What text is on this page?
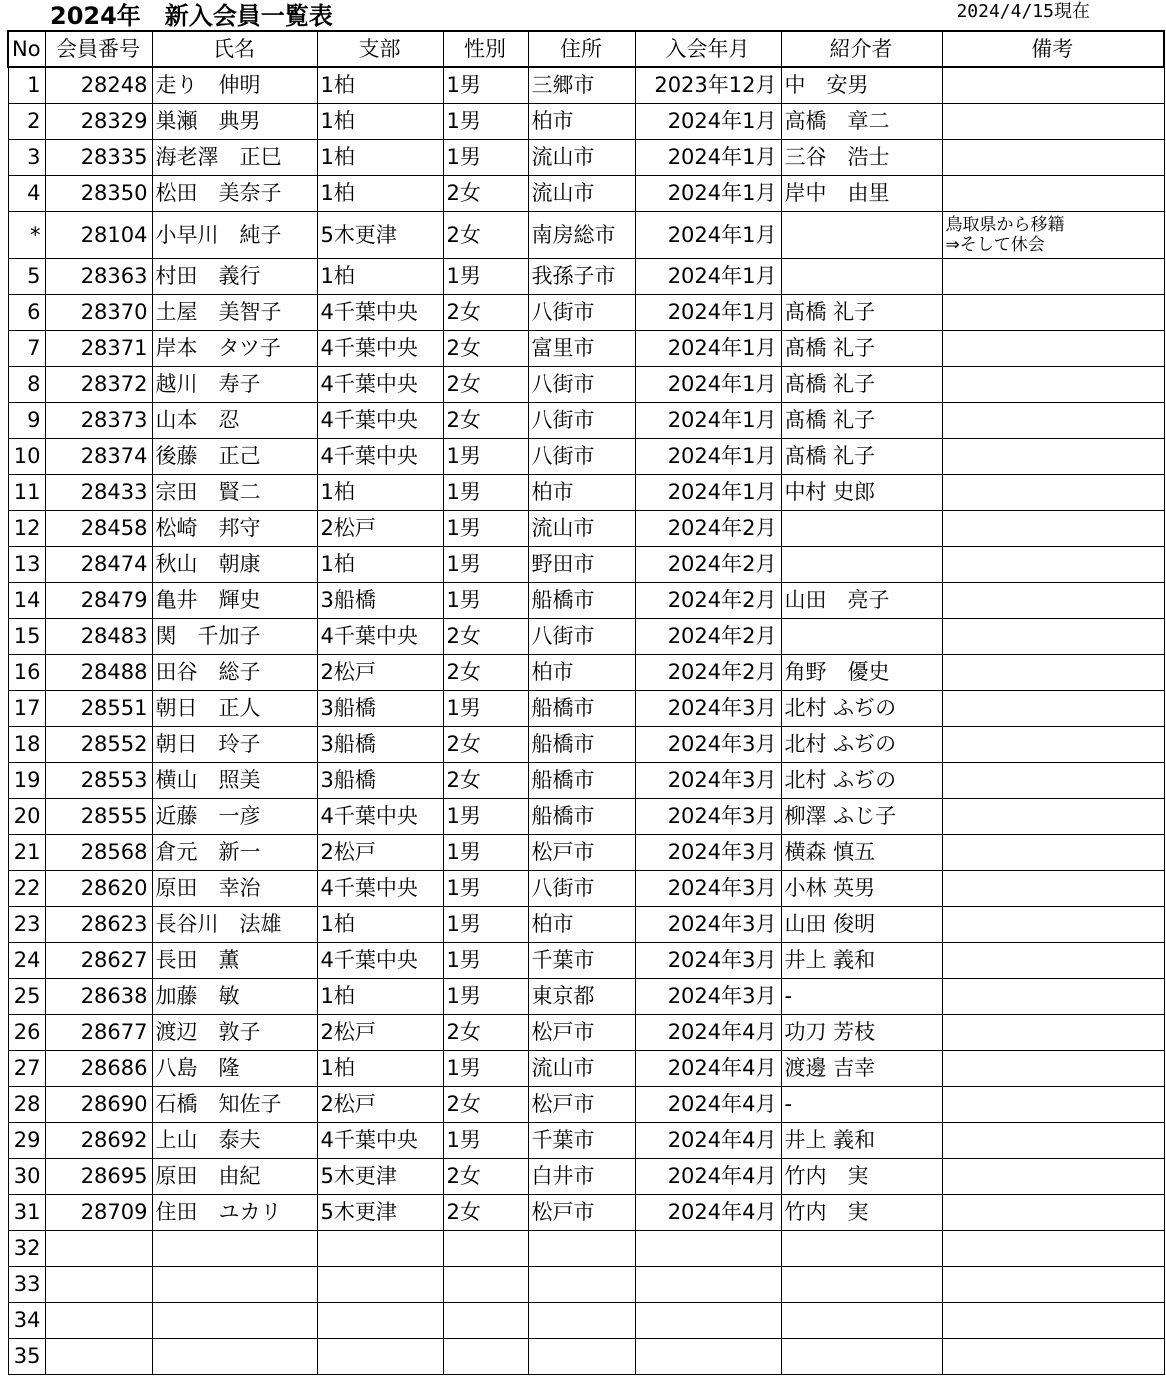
2024年　新入会員一覧表	2024/4/15現在
No	会員番号	氏名	支部	性別	住所	入会年月	紹介者	備考
1	28248	走り　伸明	1柏	1男	三郷市	2023年12月	中　安男	
2	28329	巣瀬　典男	1柏	1男	柏市	2024年1月	高橋　章二	
3	28335	海老澤　正巳	1柏	1男	流山市	2024年1月	三谷　浩士	
4	28350	松田　美奈子	1柏	2女	流山市	2024年1月	岸中　由里	
*	28104	小早川　純子	5木更津	2女	南房総市	2024年1月		鳥取県から移籍
⇒そして休会
5	28363	村田　義行	1柏	1男	我孫子市	2024年1月		
6	28370	土屋　美智子	4千葉中央	2女	八街市	2024年1月	髙橋 礼子	
7	28371	岸本　タツ子	4千葉中央	2女	富里市	2024年1月	髙橋 礼子	
8	28372	越川　寿子	4千葉中央	2女	八街市	2024年1月	髙橋 礼子	
9	28373	山本　忍	4千葉中央	2女	八街市	2024年1月	髙橋 礼子	
10	28374	後藤　正己	4千葉中央	1男	八街市	2024年1月	髙橋 礼子	
11	28433	宗田　賢二	1柏	1男	柏市	2024年1月	中村 史郎	
12	28458	松崎　邦守	2松戸	1男	流山市	2024年2月		
13	28474	秋山　朝康	1柏	1男	野田市	2024年2月		
14	28479	亀井　輝史	3船橋	1男	船橋市	2024年2月	山田　亮子	
15	28483	関　千加子	4千葉中央	2女	八街市	2024年2月		
16	28488	田谷　総子	2松戸	2女	柏市	2024年2月	角野　優史	
17	28551	朝日　正人	3船橋	1男	船橋市	2024年3月	北村 ふぢの	
18	28552	朝日　玲子	3船橋	2女	船橋市	2024年3月	北村 ふぢの	
19	28553	横山　照美	3船橋	2女	船橋市	2024年3月	北村 ふぢの	
20	28555	近藤　一彦	4千葉中央	1男	船橋市	2024年3月	柳澤 ふじ子	
21	28568	倉元　新一	2松戸	1男	松戸市	2024年3月	横森 慎五	
22	28620	原田　幸治	4千葉中央	1男	八街市	2024年3月	小林 英男	
23	28623	長谷川　法雄	1柏	1男	柏市	2024年3月	山田 俊明	
24	28627	長田　薫	4千葉中央	1男	千葉市	2024年3月	井上 義和	
25	28638	加藤　敏	1柏	1男	東京都	2024年3月	-	
26	28677	渡辺　敦子	2松戸	2女	松戸市	2024年4月	功刀 芳枝	
27	28686	八島　隆	1柏	1男	流山市	2024年4月	渡邊 吉幸	
28	28690	石橋　知佐子	2松戸	2女	松戸市	2024年4月	-	
29	28692	上山　泰夫	4千葉中央	1男	千葉市	2024年4月	井上 義和	
30	28695	原田　由紀	5木更津	2女	白井市	2024年4月	竹内　実	
31	28709	住田　ユカリ	5木更津	2女	松戸市	2024年4月	竹内　実	
32								
33								
34								
35								
